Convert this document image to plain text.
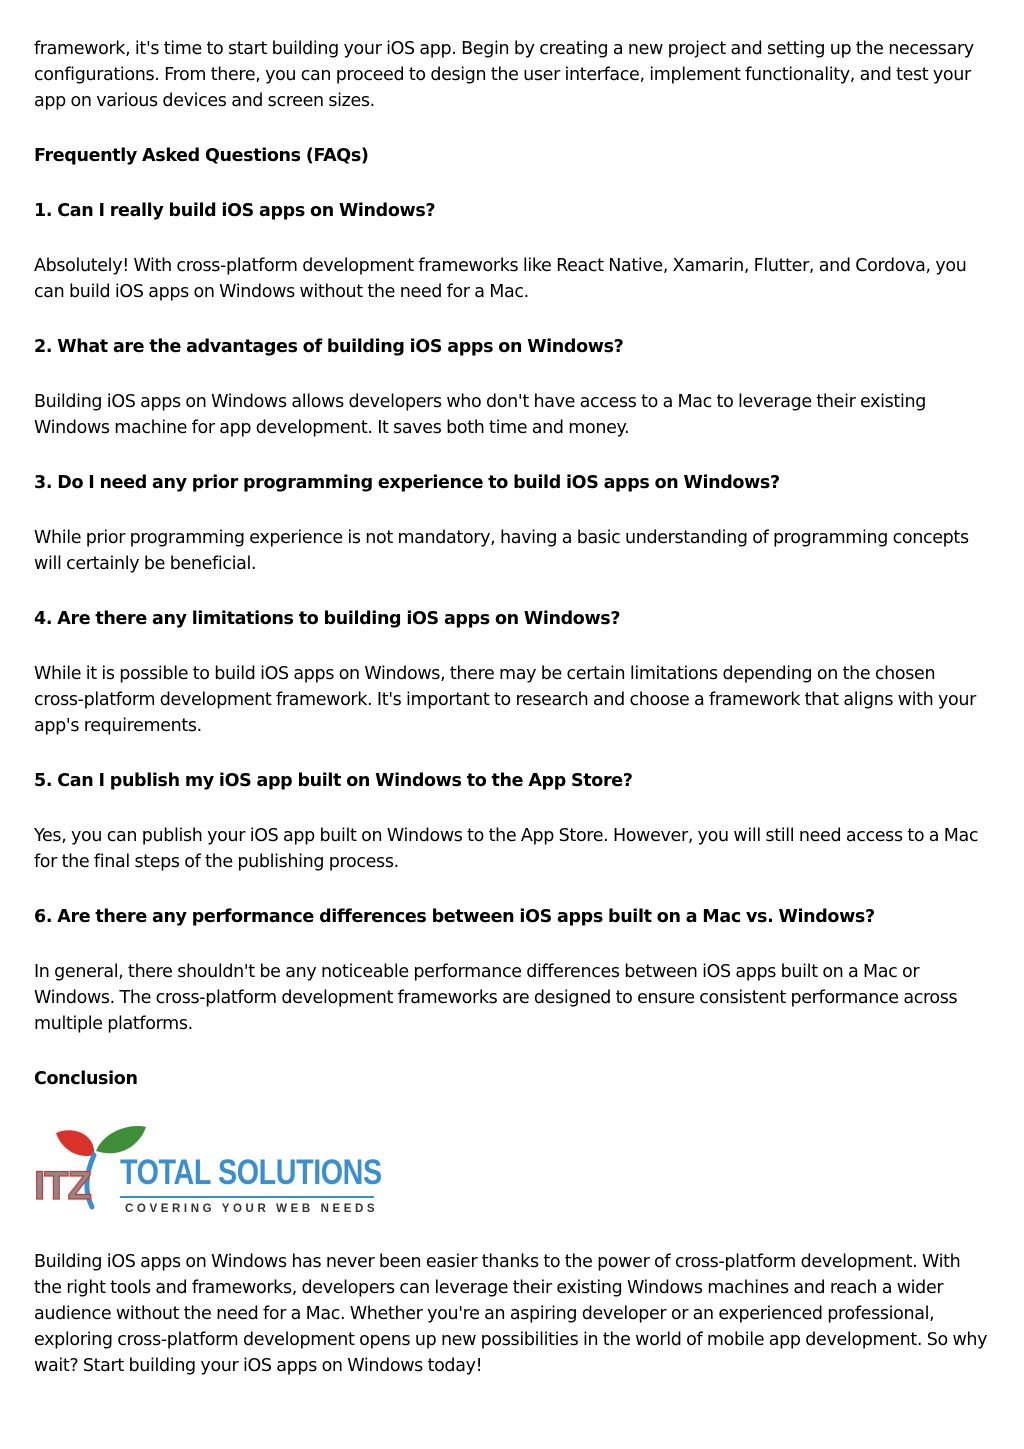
framework, it's time to start building your iOS app. Begin by creating a new project and setting up the necessary configurations. From there, you can proceed to design the user interface, implement functionality, and test your app on various devices and screen sizes.

Frequently Asked Questions (FAQs)

1. Can I really build iOS apps on Windows?

Absolutely! With cross-platform development frameworks like React Native, Xamarin, Flutter, and Cordova, you can build iOS apps on Windows without the need for a Mac.

2. What are the advantages of building iOS apps on Windows?

Building iOS apps on Windows allows developers who don't have access to a Mac to leverage their existing Windows machine for app development. It saves both time and money.

3. Do I need any prior programming experience to build iOS apps on Windows?

While prior programming experience is not mandatory, having a basic understanding of programming concepts will certainly be beneficial.

4. Are there any limitations to building iOS apps on Windows?

While it is possible to build iOS apps on Windows, there may be certain limitations depending on the chosen cross-platform development framework. It's important to research and choose a framework that aligns with your app's requirements.

5. Can I publish my iOS app built on Windows to the App Store?

Yes, you can publish your iOS app built on Windows to the App Store. However, you will still need access to a Mac for the final steps of the publishing process.

6. Are there any performance differences between iOS apps built on a Mac vs. Windows?

In general, there shouldn't be any noticeable performance differences between iOS apps built on a Mac or Windows. The cross-platform development frameworks are designed to ensure consistent performance across multiple platforms.

Conclusion

ITZ TOTAL SOLUTIONS
COVERING YOUR WEB NEEDS

Building iOS apps on Windows has never been easier thanks to the power of cross-platform development. With the right tools and frameworks, developers can leverage their existing Windows machines and reach a wider audience without the need for a Mac. Whether you're an aspiring developer or an experienced professional, exploring cross-platform development opens up new possibilities in the world of mobile app development. So why wait? Start building your iOS apps on Windows today!
